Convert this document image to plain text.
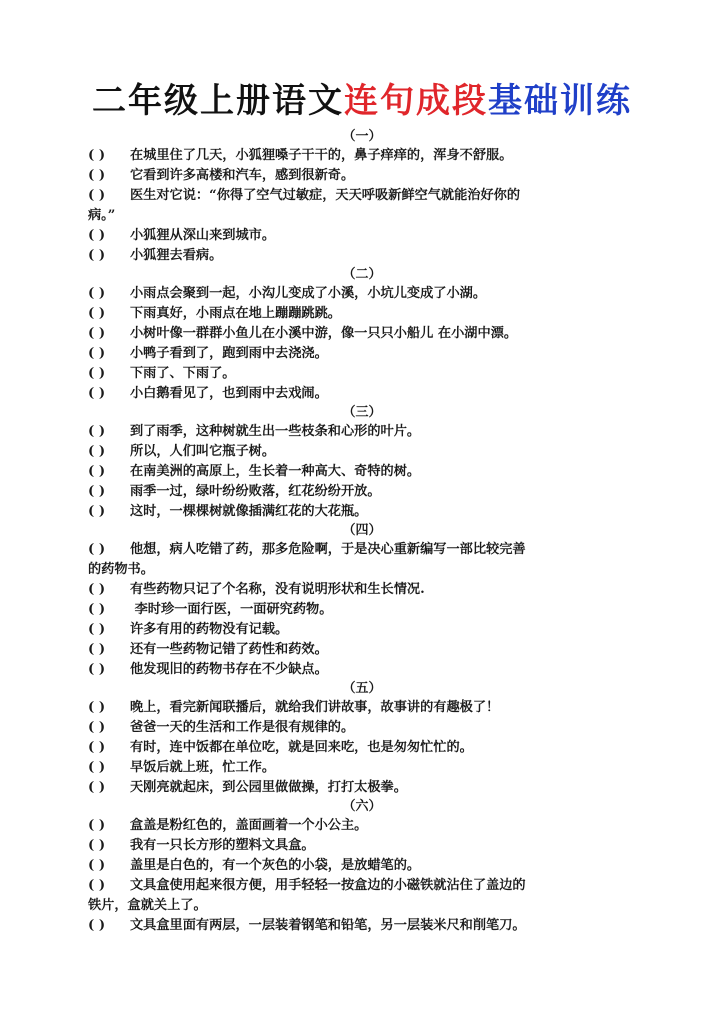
二年级上册语文连句成段基础训练
（一）
( ) 在城里住了几天，小狐狸嗓子干干的，鼻子痒痒的，浑身不舒服。
( ) 它看到许多高楼和汽车，感到很新奇。
( ) 医生对它说：“你得了空气过敏症，天天呼吸新鲜空气就能治好你的
病。”
( ) 小狐狸从深山来到城市。
( ) 小狐狸去看病。
（二）
( ) 小雨点会聚到一起，小沟儿变成了小溪，小坑儿变成了小湖。
( ) 下雨真好，小雨点在地上蹦蹦跳跳。
( ) 小树叶像一群群小鱼儿在小溪中游，像一只只小船儿 在小湖中漂。
( ) 小鸭子看到了，跑到雨中去浇浇。
( ) 下雨了、下雨了。
( ) 小白鹅看见了，也到雨中去戏闹。
（三）
( ) 到了雨季，这种树就生出一些枝条和心形的叶片。
( ) 所以，人们叫它瓶子树。
( ) 在南美洲的高原上，生长着一种高大、奇特的树。
( ) 雨季一过，绿叶纷纷败落，红花纷纷开放。
( ) 这时，一棵棵树就像插满红花的大花瓶。
（四）
( ) 他想，病人吃错了药，那多危险啊，于是决心重新编写一部比较完善
的药物书。
( ) 有些药物只记了个名称，没有说明形状和生长情况.
( ) 李时珍一面行医，一面研究药物。
( ) 许多有用的药物没有记载。
( ) 还有一些药物记错了药性和药效。
( ) 他发现旧的药物书存在不少缺点。
（五）
( ) 晚上，看完新闻联播后，就给我们讲故事，故事讲的有趣极了！
( ) 爸爸一天的生活和工作是很有规律的。
( ) 有时，连中饭都在单位吃，就是回来吃，也是匆匆忙忙的。
( ) 早饭后就上班，忙工作。
( ) 天刚亮就起床，到公园里做做操，打打太极拳。
（六）
( ) 盒盖是粉红色的，盖面画着一个小公主。
( ) 我有一只长方形的塑料文具盒。
( ) 盖里是白色的，有一个灰色的小袋，是放蜡笔的。
( ) 文具盒使用起来很方便，用手轻轻一按盒边的小磁铁就沾住了盖边的
铁片，盒就关上了。
( ) 文具盒里面有两层，一层装着钢笔和铅笔，另一层装米尺和削笔刀。
